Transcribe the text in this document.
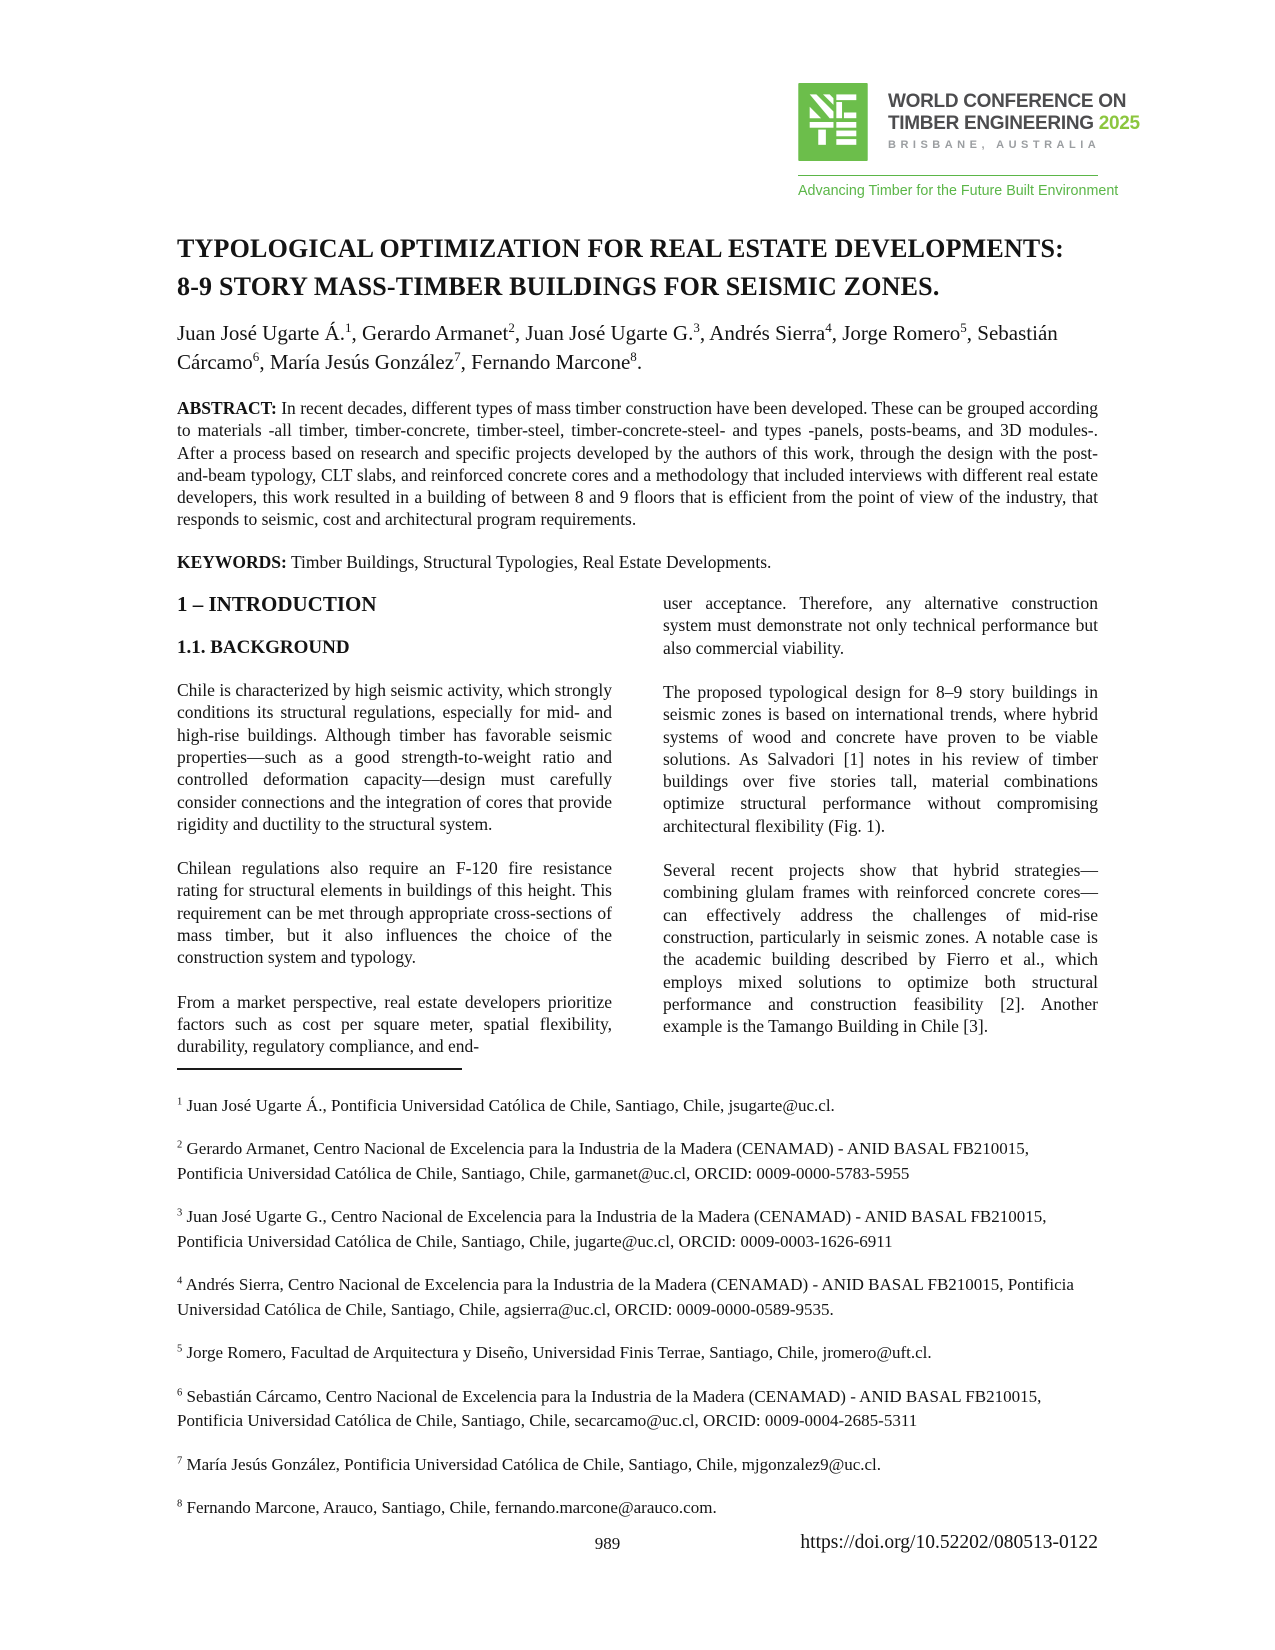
WORLD CONFERENCE ON
TIMBER ENGINEERING 2025
BRISBANE, AUSTRALIA
Advancing Timber for the Future Built Environment
TYPOLOGICAL OPTIMIZATION FOR REAL ESTATE DEVELOPMENTS:
8-9 STORY MASS-TIMBER BUILDINGS FOR SEISMIC ZONES.

Juan José Ugarte Á.$^1$, Gerardo Armanet$^2$, Juan José Ugarte G.$^3$, Andrés Sierra$^4$, Jorge Romero$^5$, Sebastián Cárcamo$^6$, María Jesús González$^7$, Fernando Marcone$^8$.

ABSTRACT: In recent decades, different types of mass timber construction have been developed. These can be grouped according to materials -all timber, timber-concrete, timber-steel, timber-concrete-steel- and types -panels, posts-beams, and 3D modules-. After a process based on research and specific projects developed by the authors of this work, through the design with the post-and-beam typology, CLT slabs, and reinforced concrete cores and a methodology that included interviews with different real estate developers, this work resulted in a building of between 8 and 9 floors that is efficient from the point of view of the industry, that responds to seismic, cost and architectural program requirements.

KEYWORDS: Timber Buildings, Structural Typologies, Real Estate Developments.

1 – INTRODUCTION
1.1. BACKGROUND

Chile is characterized by high seismic activity, which strongly conditions its structural regulations, especially for mid- and high-rise buildings. Although timber has favorable seismic properties—such as a good strength-to-weight ratio and controlled deformation capacity—design must carefully consider connections and the integration of cores that provide rigidity and ductility to the structural system.

Chilean regulations also require an F-120 fire resistance rating for structural elements in buildings of this height. This requirement can be met through appropriate cross-sections of mass timber, but it also influences the choice of the construction system and typology.

From a market perspective, real estate developers prioritize factors such as cost per square meter, spatial flexibility, durability, regulatory compliance, and end-

user acceptance. Therefore, any alternative construction system must demonstrate not only technical performance but also commercial viability.

The proposed typological design for 8–9 story buildings in seismic zones is based on international trends, where hybrid systems of wood and concrete have proven to be viable solutions. As Salvadori [1] notes in his review of timber buildings over five stories tall, material combinations optimize structural performance without compromising architectural flexibility (Fig. 1).

Several recent projects show that hybrid strategies—combining glulam frames with reinforced concrete cores—can effectively address the challenges of mid-rise construction, particularly in seismic zones. A notable case is the academic building described by Fierro et al., which employs mixed solutions to optimize both structural performance and construction feasibility [2]. Another example is the Tamango Building in Chile [3].

$^1$ Juan José Ugarte Á., Pontificia Universidad Católica de Chile, Santiago, Chile, jsugarte@uc.cl.

$^2$ Gerardo Armanet, Centro Nacional de Excelencia para la Industria de la Madera (CENAMAD) - ANID BASAL FB210015, Pontificia Universidad Católica de Chile, Santiago, Chile, garmanet@uc.cl, ORCID: 0009-0000-5783-5955

$^3$ Juan José Ugarte G., Centro Nacional de Excelencia para la Industria de la Madera (CENAMAD) - ANID BASAL FB210015, Pontificia Universidad Católica de Chile, Santiago, Chile, jugarte@uc.cl, ORCID: 0009-0003-1626-6911

$^4$ Andrés Sierra, Centro Nacional de Excelencia para la Industria de la Madera (CENAMAD) - ANID BASAL FB210015, Pontificia Universidad Católica de Chile, Santiago, Chile, agsierra@uc.cl, ORCID: 0009-0000-0589-9535.

$^5$ Jorge Romero, Facultad de Arquitectura y Diseño, Universidad Finis Terrae, Santiago, Chile, jromero@uft.cl.

$^6$ Sebastián Cárcamo, Centro Nacional de Excelencia para la Industria de la Madera (CENAMAD) - ANID BASAL FB210015, Pontificia Universidad Católica de Chile, Santiago, Chile, secarcamo@uc.cl, ORCID: 0009-0004-2685-5311

$^7$ María Jesús González, Pontificia Universidad Católica de Chile, Santiago, Chile, mjgonzalez9@uc.cl.

$^8$ Fernando Marcone, Arauco, Santiago, Chile, fernando.marcone@arauco.com.

989	https://doi.org/10.52202/080513-0122
